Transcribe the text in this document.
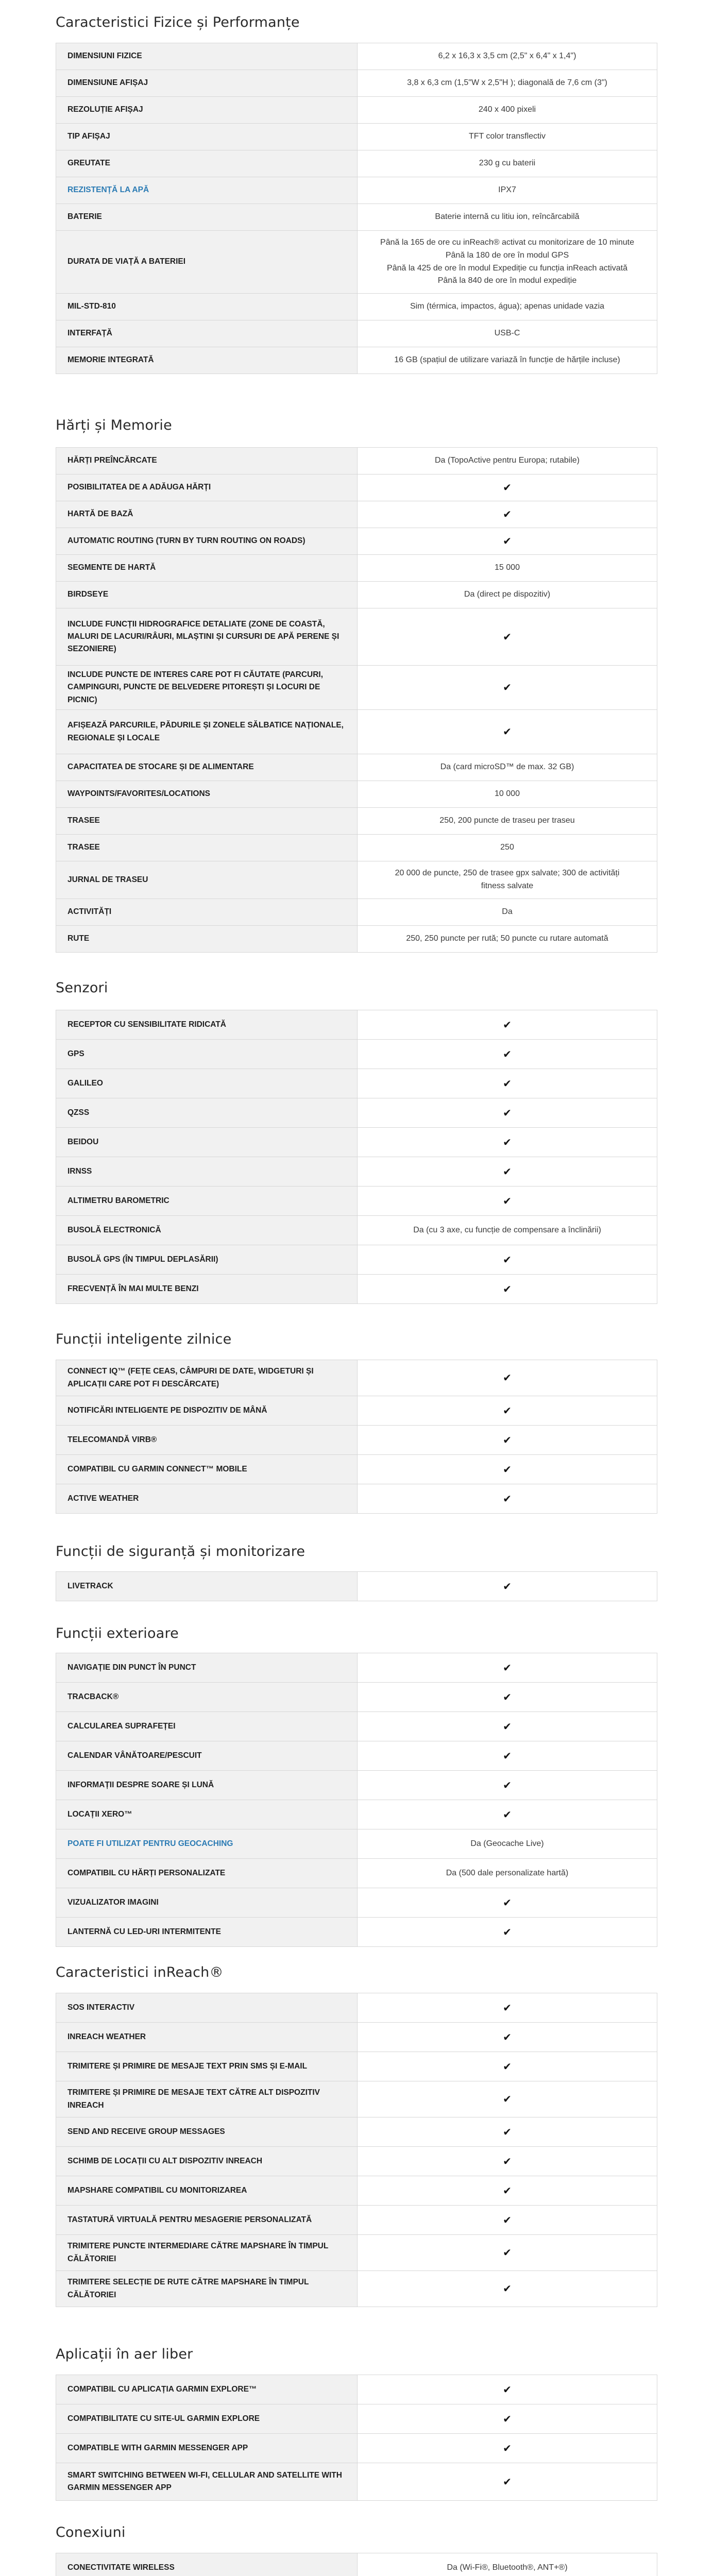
Caracteristici Fizice și Performanțe
DIMENSIUNI FIZICE	6,2 x 16,3 x 3,5 cm (2,5" x 6,4" x 1,4")
DIMENSIUNE AFIȘAJ	3,8 x 6,3 cm (1,5"W x 2,5"H ); diagonală de 7,6 cm (3")
REZOLUȚIE AFIȘAJ	240 x 400 pixeli
TIP AFIȘAJ	TFT color transflectiv
GREUTATE	230 g cu baterii
REZISTENȚĂ LA APĂ	IPX7
BATERIE	Baterie internă cu litiu ion, reîncărcabilă
DURATA DE VIAȚĂ A BATERIEI	Până la 165 de ore cu inReach® activat cu monitorizare de 10 minute
Până la 180 de ore în modul GPS
Până la 425 de ore în modul Expediție cu funcția inReach activată
Până la 840 de ore în modul expediție

MIL-STD-810	Sim (térmica, impactos, água); apenas unidade vazia
INTERFAȚĂ	USB-C
MEMORIE INTEGRATĂ	16 GB (spațiul de utilizare variază în funcție de hărțile incluse)
Hărți și Memorie
HĂRȚI PREÎNCĂRCATE	Da (TopoActive pentru Europa; rutabile)
POSIBILITATEA DE A ADĂUGA HĂRȚI	✔
HARTĂ DE BAZĂ	✔
AUTOMATIC ROUTING (TURN BY TURN ROUTING ON ROADS)	✔
SEGMENTE DE HARTĂ	15 000
BIRDSEYE	Da (direct pe dispozitiv)
INCLUDE FUNCȚII HIDROGRAFICE DETALIATE (ZONE DE COASTĂ, MALURI DE LACURI/RÂURI, MLAȘTINI ȘI CURSURI DE APĂ PERENE ȘI SEZONIERE)	✔
INCLUDE PUNCTE DE INTERES CARE POT FI CĂUTATE (PARCURI, CAMPINGURI, PUNCTE DE BELVEDERE PITOREȘTI ȘI LOCURI DE PICNIC)	✔
AFIȘEAZĂ PARCURILE, PĂDURILE ȘI ZONELE SĂLBATICE NAȚIONALE, REGIONALE ȘI LOCALE	✔
CAPACITATEA DE STOCARE ȘI DE ALIMENTARE	Da (card microSD™ de max. 32 GB)
WAYPOINTS/FAVORITES/LOCATIONS	10 000
TRASEE	250, 200 puncte de traseu per traseu
TRASEE	250
JURNAL DE TRASEU	20 000 de puncte, 250 de trasee gpx salvate; 300 de activități
fitness salvate

ACTIVITĂȚI	Da
RUTE	250, 250 puncte per rută; 50 puncte cu rutare automată
Senzori
RECEPTOR CU SENSIBILITATE RIDICATĂ	✔
GPS	✔
GALILEO	✔
QZSS	✔
BEIDOU	✔
IRNSS	✔
ALTIMETRU BAROMETRIC	✔
BUSOLĂ ELECTRONICĂ	Da (cu 3 axe, cu funcție de compensare a înclinării)
BUSOLĂ GPS (ÎN TIMPUL DEPLASĂRII)	✔
FRECVENȚĂ ÎN MAI MULTE BENZI	✔
Funcții inteligente zilnice
CONNECT IQ™ (FEȚE CEAS, CÂMPURI DE DATE, WIDGETURI ȘI APLICAȚII CARE POT FI DESCĂRCATE)	✔
NOTIFICĂRI INTELIGENTE PE DISPOZITIV DE MÂNĂ	✔
TELECOMANDĂ VIRB®	✔
COMPATIBIL CU GARMIN CONNECT™ MOBILE	✔
ACTIVE WEATHER	✔
Funcții de siguranță și monitorizare
LIVETRACK	✔
Funcții exterioare
NAVIGAȚIE DIN PUNCT ÎN PUNCT	✔
TRACBACK®	✔
CALCULAREA SUPRAFEȚEI	✔
CALENDAR VÂNĂTOARE/PESCUIT	✔
INFORMAȚII DESPRE SOARE ȘI LUNĂ	✔
LOCAȚII XERO™	✔
POATE FI UTILIZAT PENTRU GEOCACHING	Da (Geocache Live)
COMPATIBIL CU HĂRȚI PERSONALIZATE	Da (500 dale personalizate hartă)
VIZUALIZATOR IMAGINI	✔
LANTERNĂ CU LED-URI INTERMITENTE	✔
Caracteristici inReach®
SOS INTERACTIV	✔
INREACH WEATHER	✔
TRIMITERE ȘI PRIMIRE DE MESAJE TEXT PRIN SMS ȘI E-MAIL	✔
TRIMITERE ȘI PRIMIRE DE MESAJE TEXT CĂTRE ALT DISPOZITIV INREACH	✔
SEND AND RECEIVE GROUP MESSAGES	✔
SCHIMB DE LOCAȚII CU ALT DISPOZITIV INREACH	✔
MAPSHARE COMPATIBIL CU MONITORIZAREA	✔
TASTATURĂ VIRTUALĂ PENTRU MESAGERIE PERSONALIZATĂ	✔
TRIMITERE PUNCTE INTERMEDIARE CĂTRE MAPSHARE ÎN TIMPUL CĂLĂTORIEI	✔
TRIMITERE SELECȚIE DE RUTE CĂTRE MAPSHARE ÎN TIMPUL CĂLĂTORIEI	✔
Aplicații în aer liber
COMPATIBIL CU APLICAȚIA GARMIN EXPLORE™	✔
COMPATIBILITATE CU SITE-UL GARMIN EXPLORE	✔
COMPATIBLE WITH GARMIN MESSENGER APP	✔
SMART SWITCHING BETWEEN WI-FI, CELLULAR AND SATELLITE WITH GARMIN MESSENGER APP	✔
Conexiuni
CONECTIVITATE WIRELESS	Da (Wi-Fi®, Bluetooth®, ANT+®)
